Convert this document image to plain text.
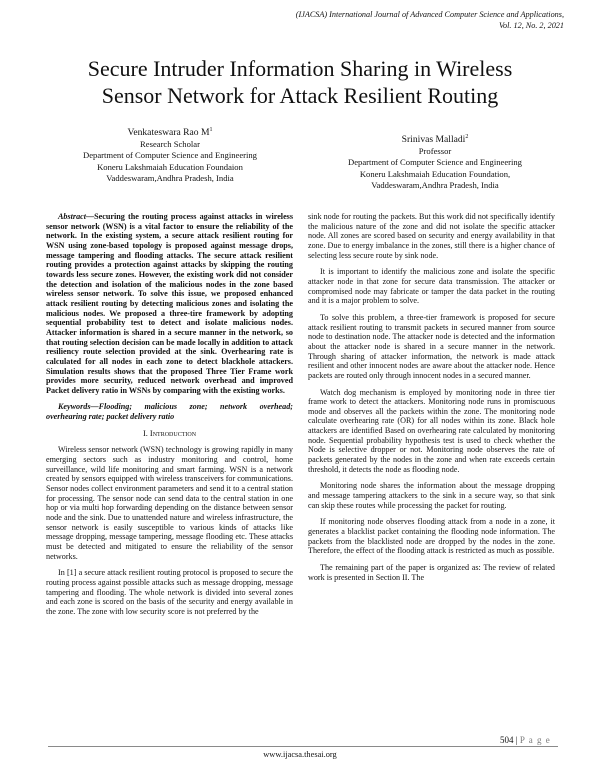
(IJACSA) International Journal of Advanced Computer Science and Applications,
Vol. 12, No. 2, 2021
Secure Intruder Information Sharing in Wireless
Sensor Network for Attack Resilient Routing
Venkateswara Rao $M^1$
Research Scholar
Department of Computer Science and Engineering
Koneru Lakshmaiah Education Foundaion
Vaddeswaram,Andhra Pradesh, India
Srinivas Malladi$^2$
Professor
Department of Computer Science and Engineering
Koneru Lakshmaiah Education Foundation,
Vaddeswaram,Andhra Pradesh, India

Abstract—Securing the routing process against attacks in wireless sensor network (WSN) is a vital factor to ensure the reliability of the network. In the existing system, a secure attack resilient routing for WSN using zone-based topology is proposed against message drops, message tampering and flooding attacks. The secure attack resilient routing provides a protection against attacks by skipping the routing towards less secure zones. However, the existing work did not consider the detection and isolation of the malicious nodes in the zone based wireless sensor network. To solve this issue, we proposed enhanced attack resilient routing by detecting malicious zones and isolating the malicious nodes. We proposed a three-tire framework by adopting sequential probability test to detect and isolate malicious nodes. Attacker information is shared in a secure manner in the network, so that routing selection decision can be made locally in addition to attack resiliency route selection provided at the sink. Overhearing rate is calculated for all nodes in each zone to detect blackhole attackers. Simulation results shows that the proposed Three Tier Frame work provides more security, reduced network overhead and improved Packet delivery ratio in WSNs by comparing with the existing works.

Keywords—Flooding; malicious zone; network overhead; overhearing rate; packet delivery ratio

I. Introduction

Wireless sensor network (WSN) technology is growing rapidly in many emerging sectors such as industry monitoring and control, home surveillance, wild life monitoring and smart farming. WSN is a network created by sensors equipped with wireless transceivers for communications. Sensor nodes collect environment parameters and send it to a central station for processing. The sensor node can send data to the central station in one hop or via multi hop forwarding depending on the distance between sensor node and the sink. Due to unattended nature and wireless infrastructure, the sensor network is easily susceptible to various kinds of attacks like message dropping, message tampering, message flooding etc. These attacks must be detected and mitigated to ensure the reliability of the sensor networks.

In [1] a secure attack resilient routing protocol is proposed to secure the routing process against possible attacks such as message dropping, message tampering and flooding. The whole network is divided into several zones and each zone is scored on the basis of the security and energy available in the zone. The zone with low security score is not preferred by the

sink node for routing the packets. But this work did not specifically identify the malicious nature of the zone and did not isolate the specific attacker node. All zones are scored based on security and energy availability in that zone. Due to energy imbalance in the zones, still there is a higher chance of selecting less secure route by sink node.

It is important to identify the malicious zone and isolate the specific attacker node in that zone for secure data transmission. The attacker or compromised node may fabricate or tamper the data packet in the routing and it is a major problem to solve.

To solve this problem, a three-tier framework is proposed for secure attack resilient routing to transmit packets in secured manner from source node to destination node. The attacker node is detected and the information about the attacker node is shared in a secure manner in the network. Through sharing of attacker information, the network is made attack resilient and other innocent nodes are aware about the attacker node. Hence packets are routed only through innocent nodes in a secured manner.

Watch dog mechanism is employed by monitoring node in three tier frame work to detect the attackers. Monitoring node runs in promiscuous mode and observes all the packets within the zone. The monitoring node calculate overhearing rate (OR) for all nodes within its zone. Black hole attackers are identified Based on overhearing rate calculated by monitoring node. Sequential probability hypothesis test is used to check whether the Node is selective dropper or not. Monitoring node observes the rate of packets generated by the nodes in the zone and when rate exceeds certain threshold, it detects the node as flooding node.

Monitoring node shares the information about the message dropping and message tampering attackers to the sink in a secure way, so that sink can skip these routes while processing the packet for routing.

If monitoring node observes flooding attack from a node in a zone, it generates a blacklist packet containing the flooding node information. The packets from the blacklisted node are dropped by the nodes in the zone. Therefore, the effect of the flooding attack is restricted as much as possible.

The remaining part of the paper is organized as: The review of related work is presented in Section II. The

504 | P a g e
www.ijacsa.thesai.org
